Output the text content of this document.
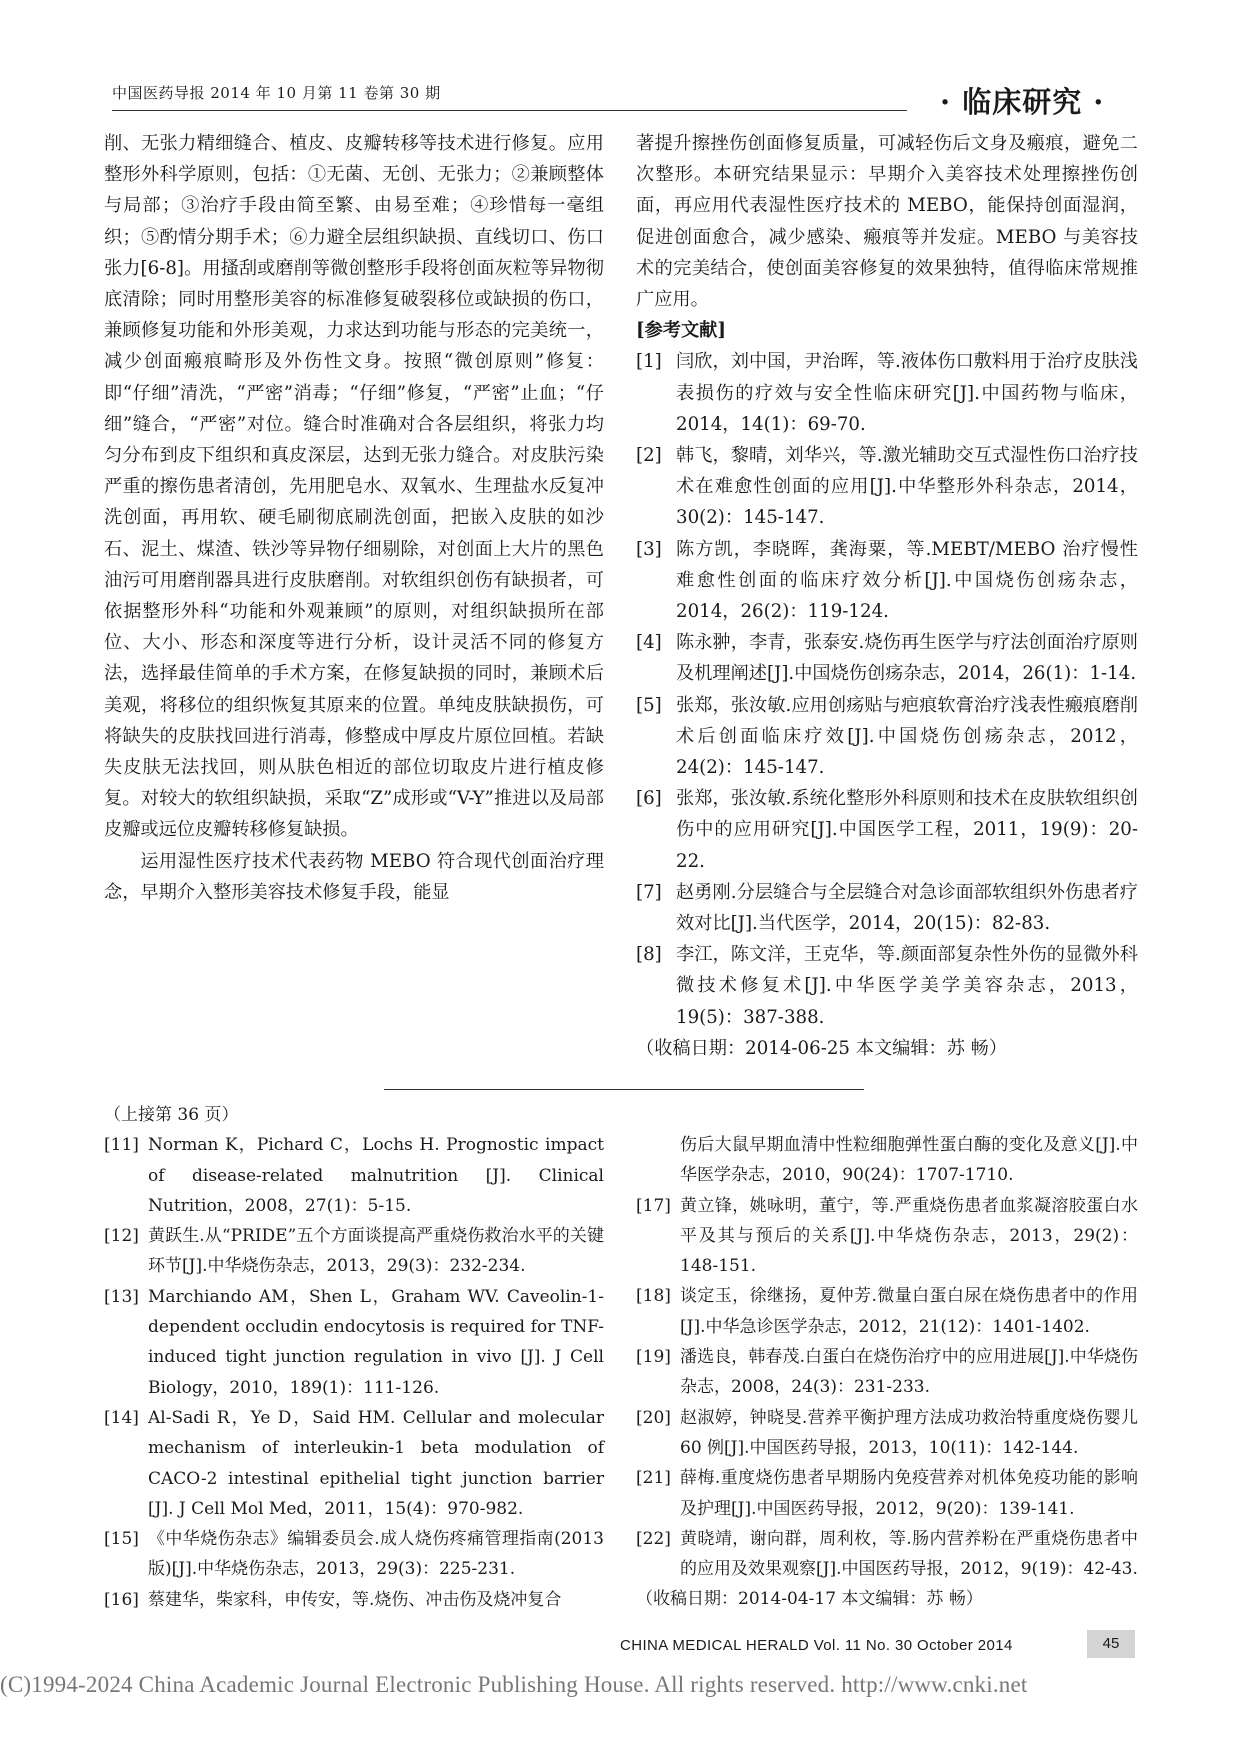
中国医药导报 2014 年 10 月第 11 卷第 30 期	· 临床研究 ·

削、无张力精细缝合、植皮、皮瓣转移等技术进行修复。应用整形外科学原则，包括：①无菌、无创、无张力；②兼顾整体与局部；③治疗手段由简至繁、由易至难；④珍惜每一毫组织；⑤酌情分期手术；⑥力避全层组织缺损、直线切口、伤口张力[6-8]。用搔刮或磨削等微创整形手段将创面灰粒等异物彻底清除；同时用整形美容的标准修复破裂移位或缺损的伤口，兼顾修复功能和外形美观，力求达到功能与形态的完美统一，减少创面瘢痕畸形及外伤性文身。按照“微创原则”修复：即“仔细”清洗，“严密”消毒；“仔细”修复，“严密”止血；“仔细”缝合，“严密”对位。缝合时准确对合各层组织，将张力均匀分布到皮下组织和真皮深层，达到无张力缝合。对皮肤污染严重的擦伤患者清创，先用肥皂水、双氧水、生理盐水反复冲洗创面，再用软、硬毛刷彻底刷洗创面，把嵌入皮肤的如沙石、泥土、煤渣、铁沙等异物仔细剔除，对创面上大片的黑色油污可用磨削器具进行皮肤磨削。对软组织创伤有缺损者，可依据整形外科“功能和外观兼顾”的原则，对组织缺损所在部位、大小、形态和深度等进行分析，设计灵活不同的修复方法，选择最佳简单的手术方案，在修复缺损的同时，兼顾术后美观，将移位的组织恢复其原来的位置。单纯皮肤缺损伤，可将缺失的皮肤找回进行消毒，修整成中厚皮片原位回植。若缺失皮肤无法找回，则从肤色相近的部位切取皮片进行植皮修复。对较大的软组织缺损，采取“Z”成形或“V-Y”推进以及局部皮瓣或远位皮瓣转移修复缺损。

运用湿性医疗技术代表药物 MEBO 符合现代创面治疗理念，早期介入整形美容技术修复手段，能显

著提升擦挫伤创面修复质量，可减轻伤后文身及瘢痕，避免二次整形。本研究结果显示：早期介入美容技术处理擦挫伤创面，再应用代表湿性医疗技术的 MEBO，能保持创面湿润，促进创面愈合，减少感染、瘢痕等并发症。MEBO 与美容技术的完美结合，使创面美容修复的效果独特，值得临床常规推广应用。

[参考文献]

[1] 闫欣，刘中国，尹治晖，等.液体伤口敷料用于治疗皮肤浅表损伤的疗效与安全性临床研究[J].中国药物与临床，2014，14(1)：69-70.
[2] 韩飞，黎晴，刘华兴，等.激光辅助交互式湿性伤口治疗技术在难愈性创面的应用[J].中华整形外科杂志，2014，30(2)：145-147.
[3] 陈方凯，李晓晖，龚海粟，等.MEBT/MEBO 治疗慢性难愈性创面的临床疗效分析[J].中国烧伤创疡杂志，2014，26(2)：119-124.
[4] 陈永翀，李青，张泰安.烧伤再生医学与疗法创面治疗原则及机理阐述[J].中国烧伤创疡杂志，2014，26(1)：1-14.
[5] 张郑，张汝敏.应用创疡贴与疤痕软膏治疗浅表性瘢痕磨削术后创面临床疗效[J].中国烧伤创疡杂志，2012，24(2)：145-147.
[6] 张郑，张汝敏.系统化整形外科原则和技术在皮肤软组织创伤中的应用研究[J].中国医学工程，2011，19(9)：20-22.
[7] 赵勇刚.分层缝合与全层缝合对急诊面部软组织外伤患者疗效对比[J].当代医学，2014，20(15)：82-83.
[8] 李江，陈文洋，王克华，等.颜面部复杂性外伤的显微外科微技术修复术[J].中华医学美学美容杂志，2013，19(5)：387-388.

（收稿日期：2014-06-25 本文编辑：苏 畅）

（上接第 36 页）

[11] Norman K，Pichard C，Lochs H. Prognostic impact of disease-related malnutrition [J]. Clinical Nutrition，2008，27(1)：5-15.
[12] 黄跃生.从“PRIDE”五个方面谈提高严重烧伤救治水平的关键环节[J].中华烧伤杂志，2013，29(3)：232-234.
[13] Marchiando AM，Shen L，Graham WV. Caveolin-1-dependent occludin endocytosis is required for TNF-induced tight junction regulation in vivo [J]. J Cell Biology，2010，189(1)：111-126.
[14] Al-Sadi R，Ye D，Said HM. Cellular and molecular mechanism of interleukin-1 beta modulation of CACO-2 intestinal epithelial tight junction barrier [J]. J Cell Mol Med，2011，15(4)：970-982.
[15] 《中华烧伤杂志》编辑委员会.成人烧伤疼痛管理指南(2013 版)[J].中华烧伤杂志，2013，29(3)：225-231.
[16] 蔡建华，柴家科，申传安，等.烧伤、冲击伤及烧冲复合
伤后大鼠早期血清中性粒细胞弹性蛋白酶的变化及意义[J].中华医学杂志，2010，90(24)：1707-1710.
[17] 黄立锋，姚咏明，董宁，等.严重烧伤患者血浆凝溶胶蛋白水平及其与预后的关系[J].中华烧伤杂志，2013，29(2)：148-151.
[18] 谈定玉，徐继扬，夏仲芳.微量白蛋白尿在烧伤患者中的作用[J].中华急诊医学杂志，2012，21(12)：1401-1402.
[19] 潘选良，韩春茂.白蛋白在烧伤治疗中的应用进展[J].中华烧伤杂志，2008，24(3)：231-233.
[20] 赵淑婷，钟晓旻.营养平衡护理方法成功救治特重度烧伤婴儿 60 例[J].中国医药导报，2013，10(11)：142-144.
[21] 薛梅.重度烧伤患者早期肠内免疫营养对机体免疫功能的影响及护理[J].中国医药导报，2012，9(20)：139-141.
[22] 黄晓靖，谢向群，周利枚，等.肠内营养粉在严重烧伤患者中的应用及效果观察[J].中国医药导报，2012，9(19)：42-43.

（收稿日期：2014-04-17 本文编辑：苏 畅）

CHINA MEDICAL HERALD Vol. 11 No. 30 October 2014	45
(C)1994-2024 China Academic Journal Electronic Publishing House. All rights reserved. http://www.cnki.net
